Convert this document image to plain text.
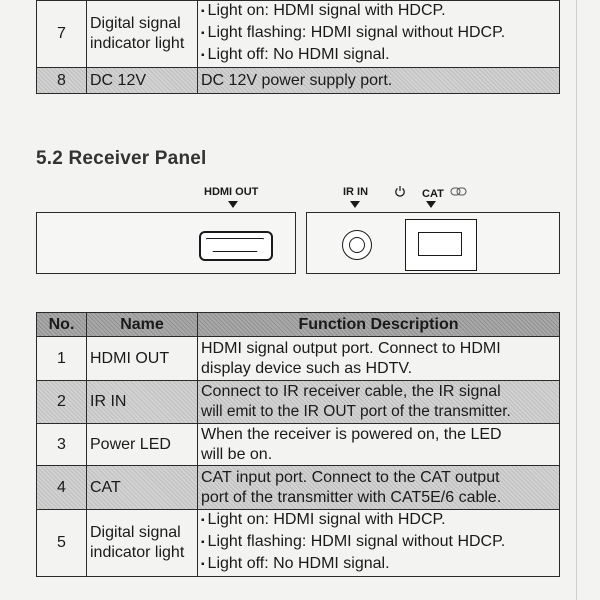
7	Digital signal
indicator light	▪ Light on: HDMI signal with HDCP.
▪ Light flashing: HDMI signal without HDCP.
▪ Light off: No HDMI signal.

8	DC 12V	DC 12V power supply port.
5.2 Receiver Panel
HDMI OUT	IR IN	CAT
No.	Name	Function Description
1	HDMI OUT	HDMI signal output port. Connect to HDMI
display device such as HDTV.

2	IR IN	Connect to IR receiver cable, the IR signal
will emit to the IR OUT port of the transmitter.

3	Power LED	When the receiver is powered on, the LED
will be on.

4	CAT	CAT input port. Connect to the CAT output
port of the transmitter with CAT5E/6 cable.

5	Digital signal
indicator light	▪ Light on: HDMI signal with HDCP.
▪ Light flashing: HDMI signal without HDCP.
▪ Light off: No HDMI signal.
